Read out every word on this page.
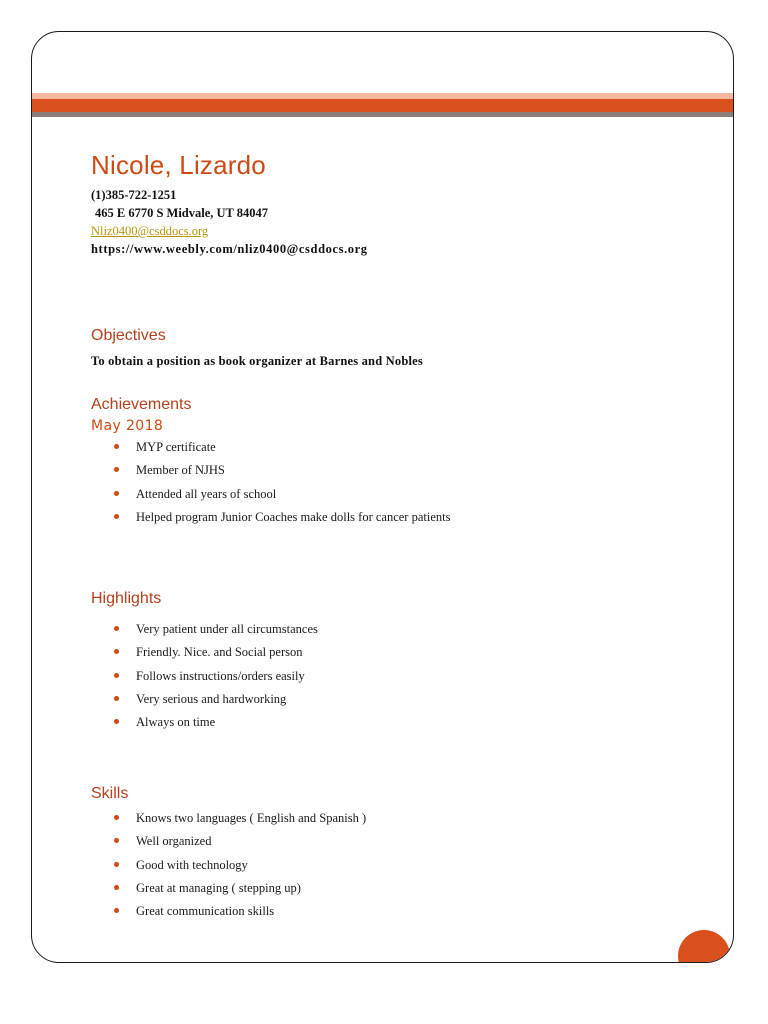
Nicole, Lizardo
(1)385-722-1251
465 E 6770 S Midvale, UT 84047
Nliz0400@csddocs.org
https://www.weebly.com/nliz0400@csddocs.org
Objectives
To obtain a position as book organizer at Barnes and Nobles
Achievements
May 2018
MYP certificate
Member of NJHS
Attended all years of school
Helped program Junior Coaches make dolls for cancer patients
Highlights
Very patient under all circumstances
Friendly. Nice. and Social person
Follows instructions/orders easily
Very serious and hardworking
Always on time
Skills
Knows two languages ( English and Spanish )
Well organized
Good with technology
Great at managing ( stepping up)
Great communication skills
